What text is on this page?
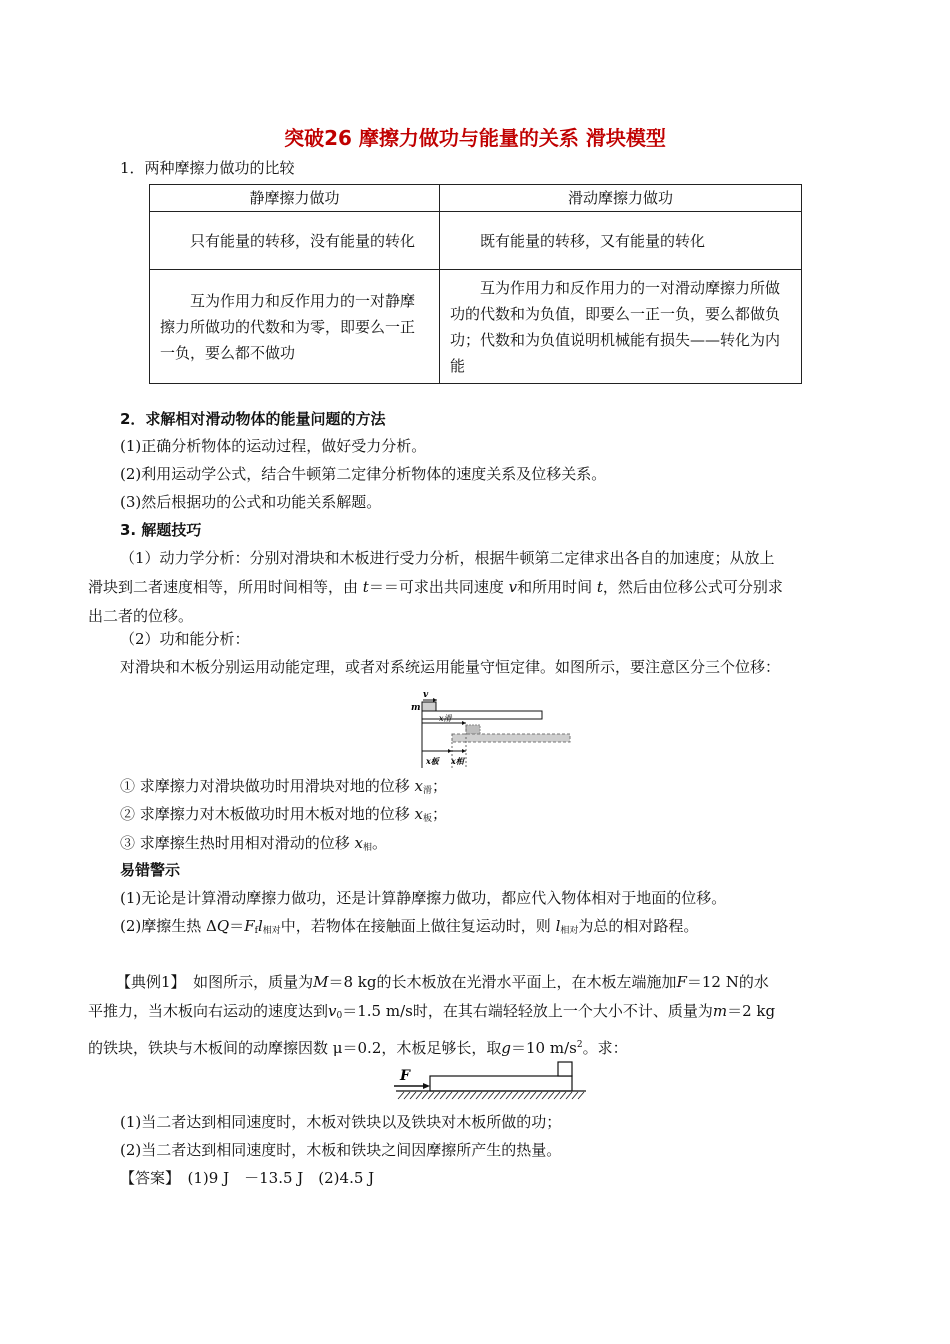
突破26 摩擦力做功与能量的关系 滑块模型
1．两种摩擦力做功的比较
静摩擦力做功	滑动摩擦力做功

只有能量的转移，没有能量的转化	既有能量的转移，又有能量的转化

互为作用力和反作用力的一对静摩擦力所做功的代数和为零，即要么一正一负，要么都不做功	互为作用力和反作用力的一对滑动摩擦力所做功的代数和为负值，即要么一正一负，要么都做负功；代数和为负值说明机械能有损失——转化为内能
2．求解相对滑动物体的能量问题的方法
(1)正确分析物体的运动过程，做好受力分析。
(2)利用运动学公式，结合牛顿第二定律分析物体的速度关系及位移关系。
(3)然后根据功的公式和功能关系解题。
3. 解题技巧
（1）动力学分析：分别对滑块和木板进行受力分析，根据牛顿第二定律求出各自的加速度；从放上
滑块到二者速度相等，所用时间相等，由 t＝＝可求出共同速度 v和所用时间 t，然后由位移公式可分别求
出二者的位移。
（2）功和能分析：
对滑块和木板分别运用动能定理，或者对系统运用能量守恒定律。如图所示，要注意区分三个位移：
v
m
x滑
x板 x相
① 求摩擦力对滑块做功时用滑块对地的位移 $x_滑$；
② 求摩擦力对木板做功时用木板对地的位移 $x_板$；
③ 求摩擦生热时用相对滑动的位移 $x_相$。
易错警示
(1)无论是计算滑动摩擦力做功，还是计算静摩擦力做功，都应代入物体相对于地面的位移。
(2)摩擦生热 $\Delta Q=F_fl_{相对}$中，若物体在接触面上做往复运动时，则 $l_{相对}$为总的相对路程。
【典例1】　 如图所示，质量为M＝8 kg的长木板放在光滑水平面上，在木板左端施加F＝12 N的水
平推力，当木板向右运动的速度达到$v_0=1.5$ m/s时，在其右端轻轻放上一个大小不计、质量为m＝2 kg
的铁块，铁块与木板间的动摩擦因数 μ＝0.2，木板足够长，取g＝10 $m/s^2$。求：
F
(1)当二者达到相同速度时，木板对铁块以及铁块对木板所做的功；
(2)当二者达到相同速度时，木板和铁块之间因摩擦所产生的热量。
【答案】　 (1)9 J　－13.5 J　(2)4.5 J
